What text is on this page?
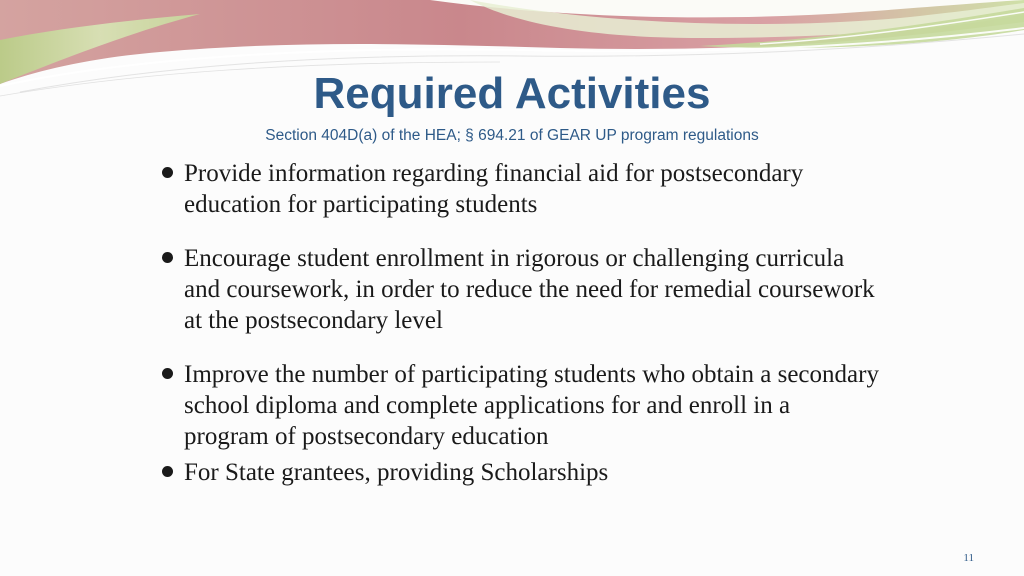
Required Activities
Section 404D(a) of the HEA; § 694.21 of GEAR UP program regulations
Provide information regarding financial aid for postsecondary education for participating students
Encourage student enrollment in rigorous or challenging curricula and coursework, in order to reduce the need for remedial coursework at the postsecondary level
Improve the number of participating students who obtain a secondary school diploma and complete applications for and enroll in a program of postsecondary education
For State grantees, providing Scholarships
11
